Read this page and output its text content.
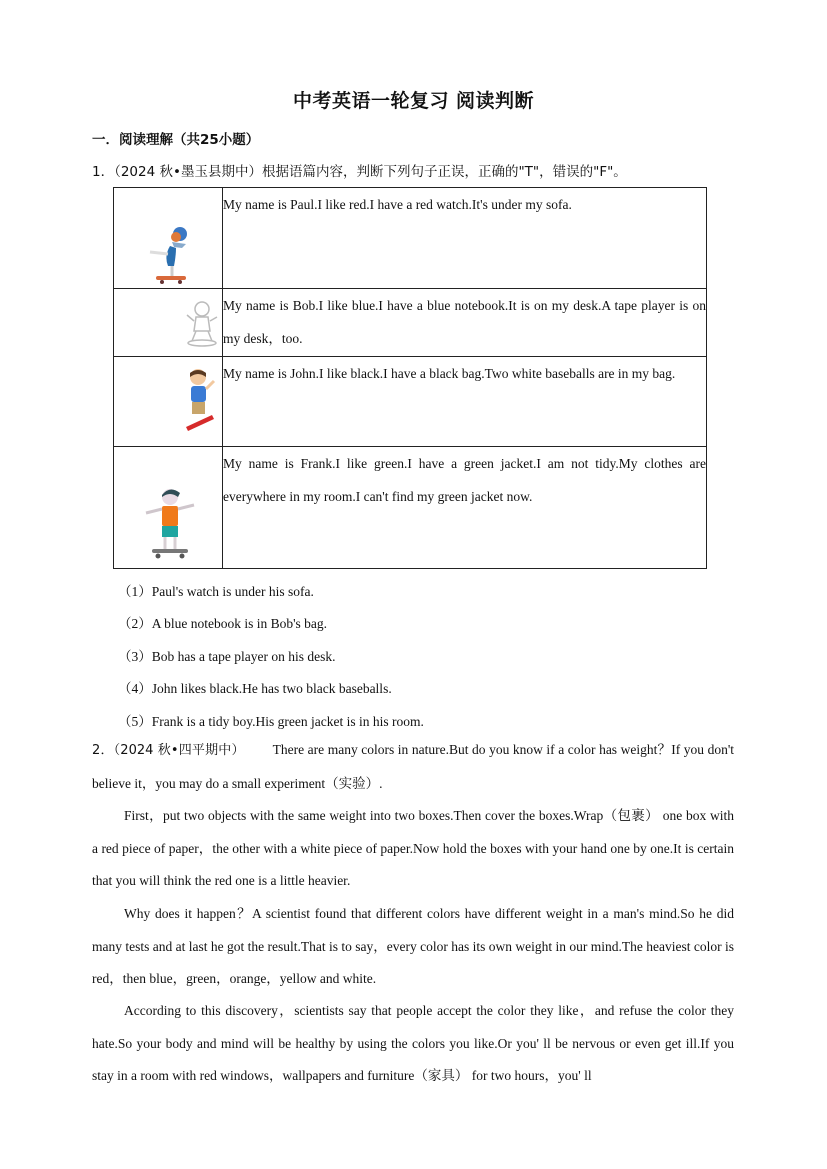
中考英语一轮复习 阅读判断
一．阅读理解（共25小题）
1．（2024 秋•墨玉县期中）根据语篇内容，判断下列句子正误，正确的"T"，错误的"F"。
	My name is Paul.I like red.I have a red watch.It's under my sofa.

	My name is Bob.I like blue.I have a blue notebook.It is on my desk.A tape player is on my desk，too.

	My name is John.I like black.I have a black bag.Two white baseballs are in my bag.

	My name is Frank.I like green.I have a green jacket.I am not tidy.My clothes are everywhere in my room.I can't find my green jacket now.
（1）Paul's watch is under his sofa.
（2）A blue notebook is in Bob's bag.
（3）Bob has a tape player on his desk.
（4）John likes black.He has two black baseballs.
（5）Frank is a tidy boy.His green jacket is in his room.
2．（2024 秋•四平期中） There are many colors in nature.But do you know if a color has weight？If you don't believe it，you may do a small experiment（实验）.
First，put two objects with the same weight into two boxes.Then cover the boxes.Wrap（包裹） one box with a red piece of paper，the other with a white piece of paper.Now hold the boxes with your hand one by one.It is certain that you will think the red one is a little heavier.
Why does it happen？A scientist found that different colors have different weight in a man's mind.So he did many tests and at last he got the result.That is to say，every color has its own weight in our mind.The heaviest color is red，then blue，green，orange，yellow and white.
According to this discovery，scientists say that people accept the color they like，and refuse the color they hate.So your body and mind will be healthy by using the colors you like.Or you' ll be nervous or even get ill.If you stay in a room with red windows，wallpapers and furniture（家具） for two hours，you' ll
